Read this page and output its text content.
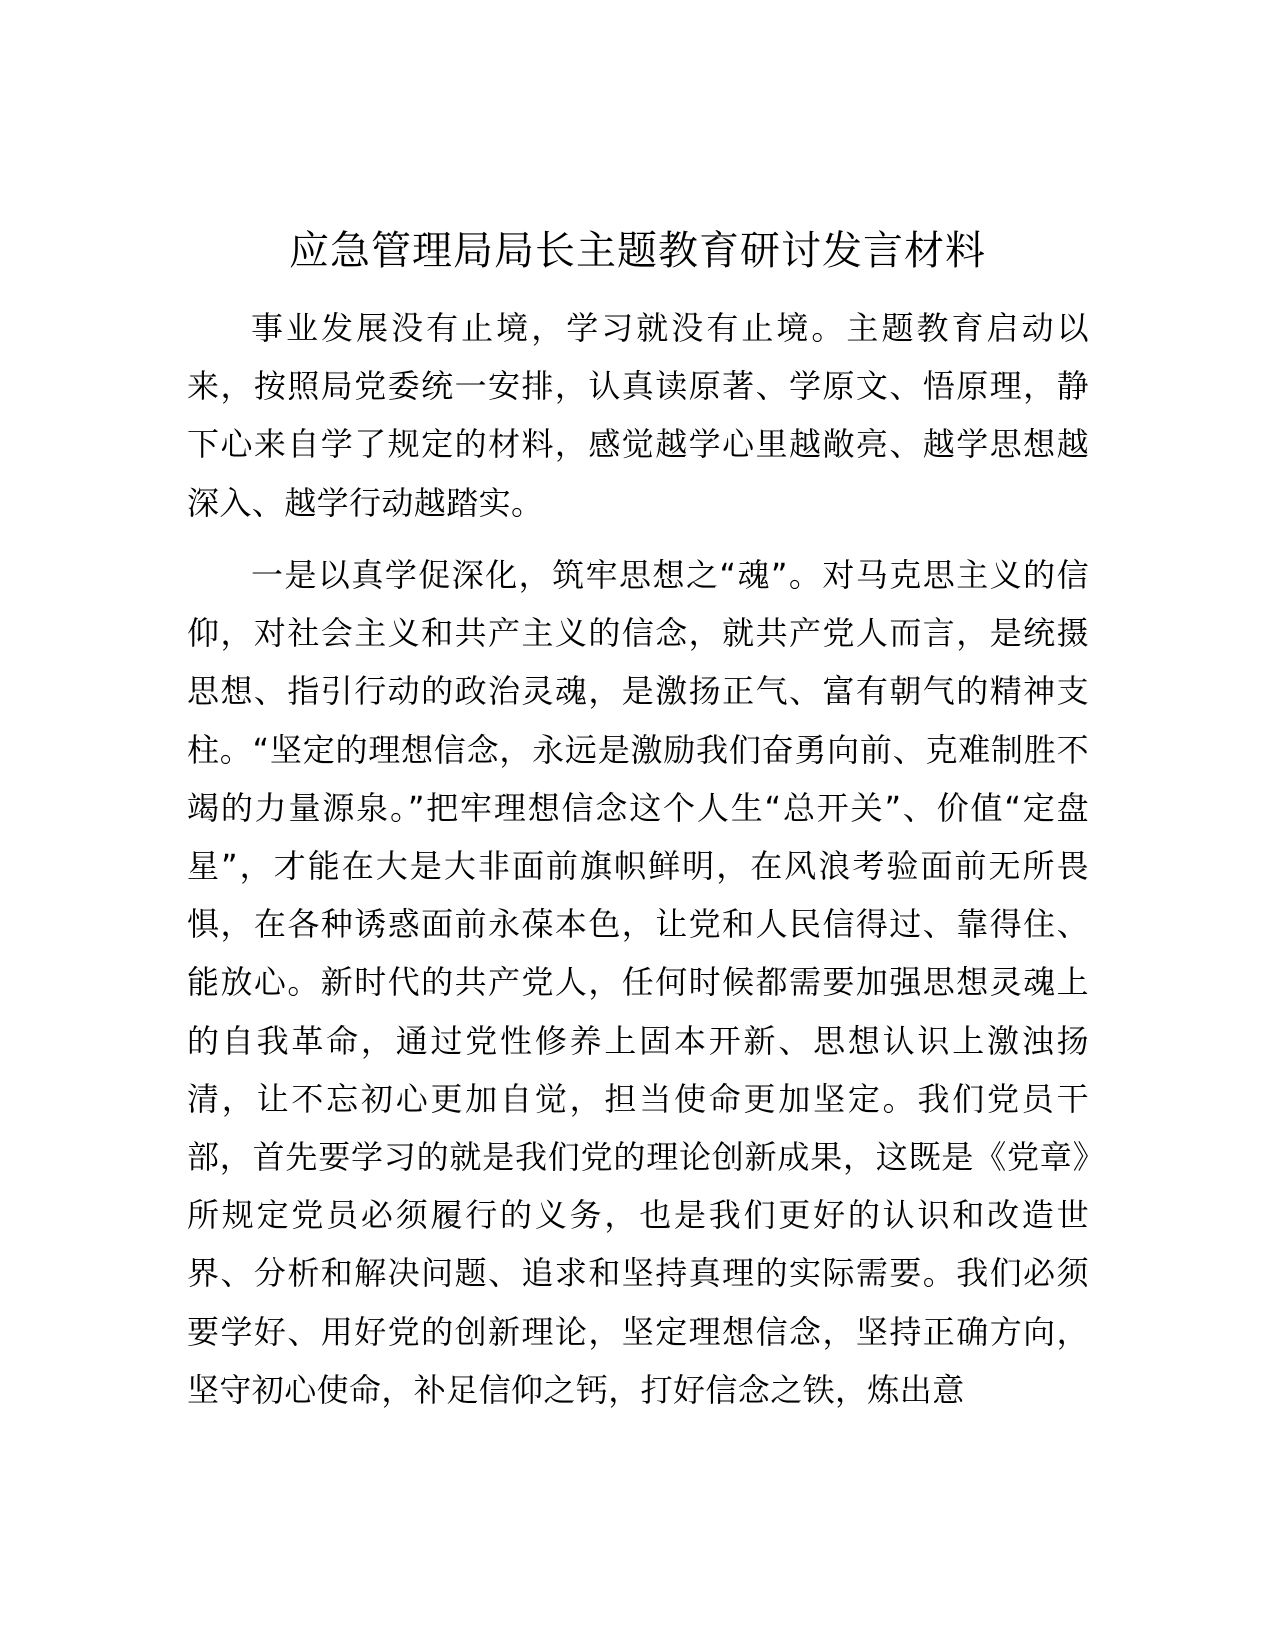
应急管理局局长主题教育研讨发言材料

事业发展没有止境，学习就没有止境。主题教育启动以来，按照局党委统一安排，认真读原著、学原文、悟原理，静下心来自学了规定的材料，感觉越学心里越敞亮、越学思想越深入、越学行动越踏实。

一是以真学促深化，筑牢思想之“魂”。对马克思主义的信仰，对社会主义和共产主义的信念，就共产党人而言，是统摄思想、指引行动的政治灵魂，是激扬正气、富有朝气的精神支柱。“坚定的理想信念，永远是激励我们奋勇向前、克难制胜不竭的力量源泉。”把牢理想信念这个人生“总开关”、价值“定盘星”，才能在大是大非面前旗帜鲜明，在风浪考验面前无所畏惧，在各种诱惑面前永葆本色，让党和人民信得过、靠得住、能放心。新时代的共产党人，任何时候都需要加强思想灵魂上的自我革命，通过党性修养上固本开新、思想认识上激浊扬清，让不忘初心更加自觉，担当使命更加坚定。我们党员干部，首先要学习的就是我们党的理论创新成果，这既是《党章》所规定党员必须履行的义务，也是我们更好的认识和改造世界、分析和解决问题、追求和坚持真理的实际需要。我们必须要学好、用好党的创新理论，坚定理想信念，坚持正确方向，坚守初心使命，补足信仰之钙，打好信念之铁，炼出意
